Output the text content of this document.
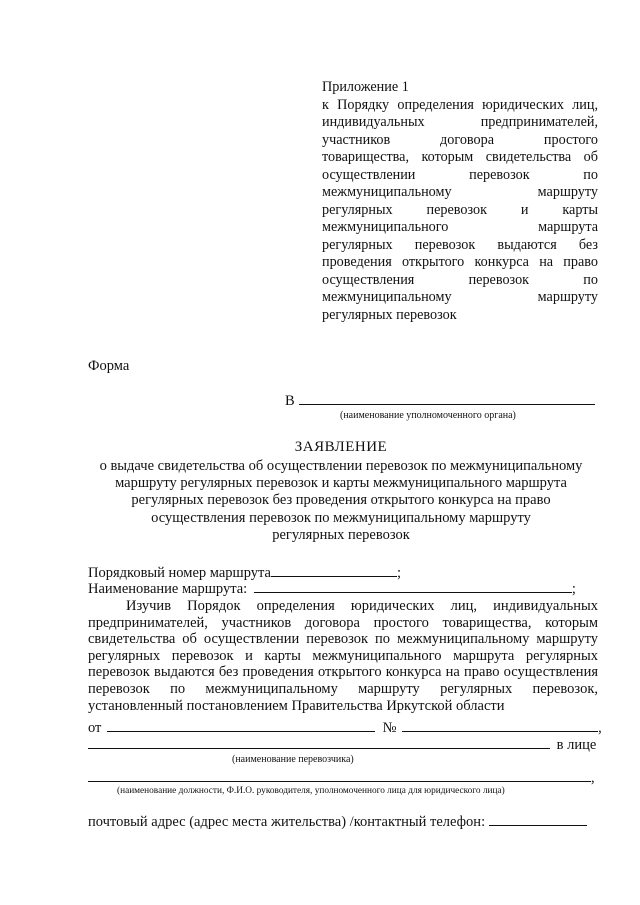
Приложение 1
к Порядку определения юридических лиц,
индивидуальных предпринимателей,
участников договора простого
товарищества, которым свидетельства об
осуществлении перевозок по
межмуниципальному маршруту
регулярных перевозок и карты
межмуниципального маршрута
регулярных перевозок выдаются без
проведения открытого конкурса на право
осуществления перевозок по
межмуниципальному маршруту
регулярных перевозок
Форма
В
(наименование уполномоченного органа)
ЗАЯВЛЕНИЕ
о выдаче свидетельства об осуществлении перевозок по межмуниципальному
маршруту регулярных перевозок и карты межмуниципального маршрута
регулярных перевозок без проведения открытого конкурса на право
осуществления перевозок по межмуниципальному маршруту
регулярных перевозок
Порядковый номер маршрута	;
Наименование маршрута:	;
Изучив Порядок определения юридических лиц, индивидуальных предпринимателей, участников договора простого товарищества, которым свидетельства об осуществлении перевозок по межмуниципальному маршруту регулярных перевозок и карты межмуниципального маршрута регулярных перевозок выдаются без проведения открытого конкурса на право осуществления перевозок по межмуниципальному маршруту регулярных перевозок, установленный постановлением Правительства Иркутской области
от	№	,
в лице
(наименование перевозчика)
,
(наименование должности, Ф.И.О. руководителя, уполномоченного лица для юридического лица)
почтовый адрес (адрес места жительства) /контактный телефон:
